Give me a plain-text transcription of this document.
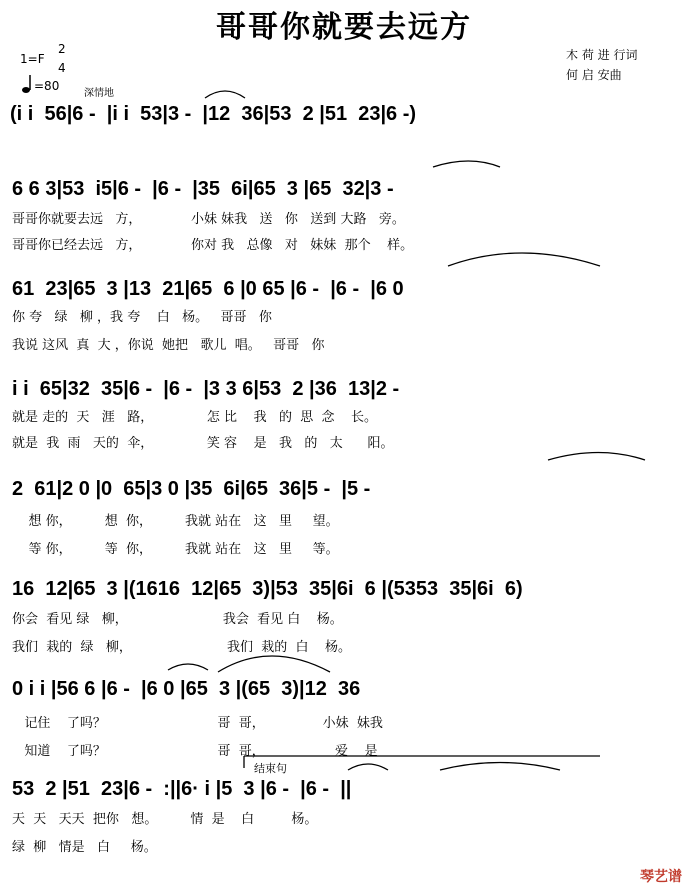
哥哥你就要去远方
1=F
2
4
=80
深情地
木 荷 进 行词
何 启 安曲
(i i  56|6 -  |i i  53|3 -  |12  36|53  2 |51  23|6 -)
6 6 3|53  i5|6 -  |6 -  |35  6i|65  3 |65  32|3 -
哥哥你就要去远   方，            小妹 妹我   送   你   送到 大路   旁。
哥哥你已经去远   方，            你对 我   总像   对   妹妹  那个    样。
61  23|65  3 |13  21|65  6 |0 65 |6 -  |6 -  |6 0
你 夸   绿   柳 ，我 夸    白   杨。   哥哥   你
我说 这风  真  大 ，你说  她把   歌儿  唱。   哥哥   你
i i  65|32  35|6 -  |6 -  |3 3 6|53  2 |36  13|2 -
就是 走的  天   涯   路，             怎 比    我   的  思  念    长。
就是  我  雨   天的  伞，             笑 容    是   我   的   太      阳。
2  61|2 0 |0  65|3 0 |35  6i|65  36|5 -  |5 -
想 你，        想  你，        我就 站在   这   里     望。
等 你，        等  你，        我就 站在   这   里     等。
16  12|65  3 |(1616  12|65  3)|53  35|6i  6 |(5353  35|6i  6)
你会  看见 绿   柳，                       我会  看见 白    杨。
我们  栽的  绿   柳，                       我们  栽的  白    杨。
0 i i |56 6 |6 -  |6 0 |65  3 |(65  3)|12  36
记住    了吗？                           哥  哥，              小妹  妹我
知道    了吗？                           哥  哥，                 爱    是
结束句
53  2 |51  23|6 -  :||6· i |5  3 |6 -  |6 -  ||
天  天   天天  把你   想。        情  是    白         杨。
绿  柳   情是   白     杨。
琴艺谱
